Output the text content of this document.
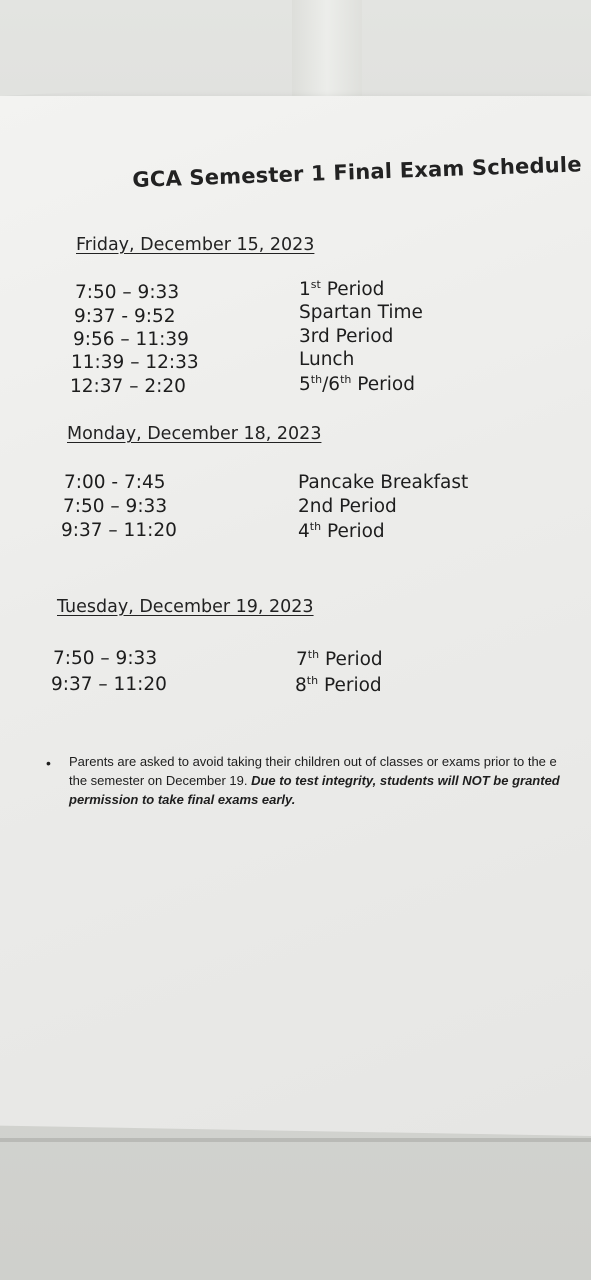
GCA Semester 1 Final Exam Schedule
Friday, December 15, 2023
7:50 – 9:33	1st Period
9:37 - 9:52	Spartan Time
9:56 – 11:39	3rd Period
11:39 – 12:33	Lunch
12:37 – 2:20	5th/6th Period
Monday, December 18, 2023
7:00 - 7:45	Pancake Breakfast
7:50 – 9:33	2nd Period
9:37 – 11:20	4th Period
Tuesday, December 19, 2023
7:50 – 9:33	7th Period
9:37 – 11:20	8th Period
• Parents are asked to avoid taking their children out of classes or exams prior to the e
the semester on December 19. Due to test integrity, students will NOT be granted
permission to take final exams early.
